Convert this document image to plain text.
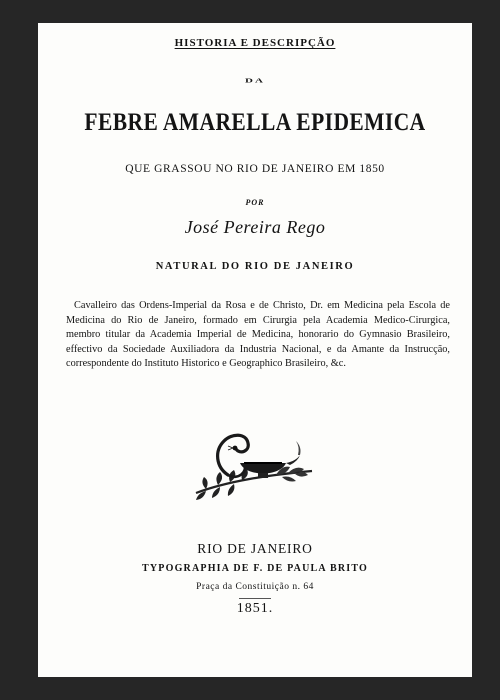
HISTORIA E DESCRIPÇÃO
DA
FEBRE AMARELLA EPIDEMICA
QUE GRASSOU NO RIO DE JANEIRO EM 1850
POR
José Pereira Rego
NATURAL DO RIO DE JANEIRO
Cavalleiro das Ordens-Imperial da Rosa e de Christo, Dr. em Medicina pela Escola de Medicina do Rio de Janeiro, formado em Cirurgia pela Academia Medico-Cirurgica, membro titular da Academia Imperial de Medicina, honorario do Gymnasio Brasileiro, effectivo da Sociedade Auxiliadora da Industria Nacional, e da Amante da Instrucção, correspondente do Instituto Historico e Geographico Brasileiro, &c.
RIO DE JANEIRO
TYPOGRAPHIA DE F. DE PAULA BRITO
Praça da Constituição n. 64
1851.
